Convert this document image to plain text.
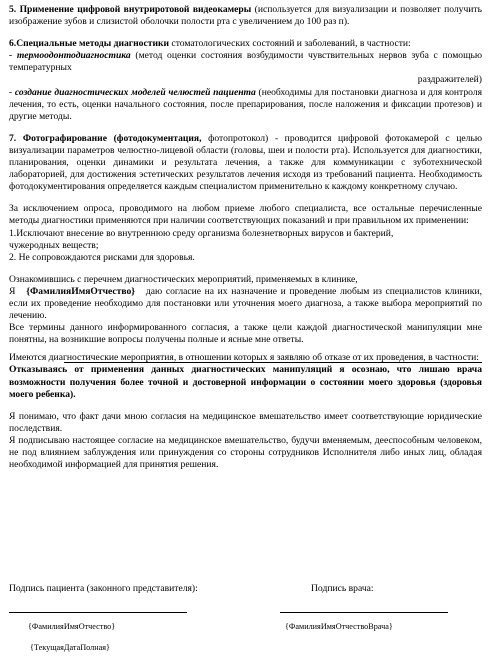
5. Применение цифровой внутриротовой видеокамеры (используется для визуализации и позволяет получить изображение зубов и слизистой оболочки полости рта с увеличением до 100 раз п).

6.Специальные методы диагностики стоматологических состояний и заболеваний, в частности:

- термоодонтодиагностика (метод оценки состояния возбудимости чувствительных нервов зуба с помощью температурных

раздражителей)

- создание диагностических моделей челюстей пациента (необходимы для постановки диагноза и для контроля лечения, то есть, оценки начального состояния, после препарирования, после наложения и фиксации протезов) и другие методы.

7. Фотографирование (фотодокументация, фотопротокол) - проводится цифровой фотокамерой с целью визуализации параметров челюстно-лицевой области (головы, шеи и полости рта). Используется для диагностики, планирования, оценки динамики и результата лечения, а также для коммуникации с зуботехнической лабораторией, для достижения эстетических результатов лечения исходя из требований пациента. Необходимость фотодокументирования определяется каждым специалистом применительно к каждому конкретному случаю.

За исключением опроса, проводимого на любом приеме любого специалиста, все остальные перечисленные методы диагностики применяются при наличии соответствующих показаний и при правильном их применении:

1.Исключают внесение во внутреннюю среду организма болезнетворных вирусов и бактерий,

чужеродных веществ;

2. Не сопровождаются рисками для здоровья.

Ознакомившись с перечнем диагностических мероприятий, применяемых в клинике,

Я {ФамилияИмяОтчество} даю согласие на их назначение и проведение любым из специалистов клиники, если их проведение необходимо для постановки или уточнения моего диагноза, а также выбора мероприятий по лечению.

Все термины данного информированного согласия, а также цели каждой диагностической манипуляции мне понятны, на возникшие вопросы получены полные и ясные мне ответы.

Имеются диагностические мероприятия, в отношении которых я заявляю об отказе от их проведения, в частности:

Отказываясь от применения данных диагностических манипуляций я осознаю, что лишаю врача возможности получения более точной и достоверной информации о состоянии моего здоровья (здоровья моего ребенка).

Я понимаю, что факт дачи мною согласия на медицинское вмешательство имеет соответствующие юридические последствия.

Я подписываю настоящее согласие на медицинское вмешательство, будучи вменяемым, дееспособным человеком, не под влиянием заблуждения или принуждения со стороны сотрудников Исполнителя либо иных лиц, обладая необходимой информацией для принятия решения.

Подпись пациента (законного представителя):	Подпись врача:
{ФамилияИмяОтчество}	{ФамилияИмяОтчествоВрача}
{ТекущаяДатаПолная}
